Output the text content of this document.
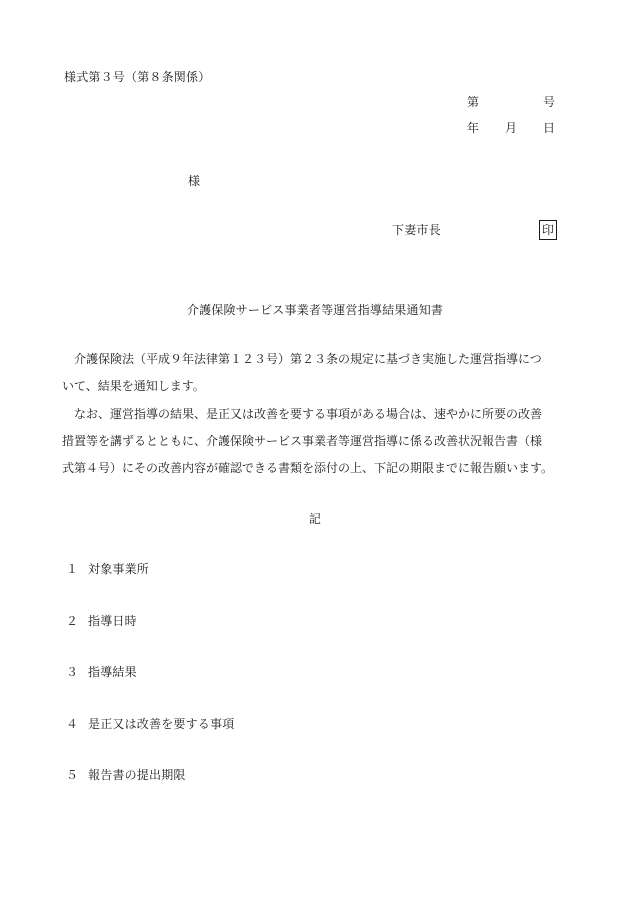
様式第３号（第８条関係）
第	号
年 月 日
様
下妻市長	印
介護保険サービス事業者等運営指導結果通知書
　介護保険法（平成９年法律第１２３号）第２３条の規定に基づき実施した運営指導につ
いて、結果を通知します。
　なお、運営指導の結果、是正又は改善を要する事項がある場合は、速やかに所要の改善
措置等を講ずるとともに、介護保険サービス事業者等運営指導に係る改善状況報告書（様
式第４号）にその改善内容が確認できる書類を添付の上、下記の期限までに報告願います。
記
１ 対象事業所
２ 指導日時
３ 指導結果
４ 是正又は改善を要する事項
５ 報告書の提出期限
